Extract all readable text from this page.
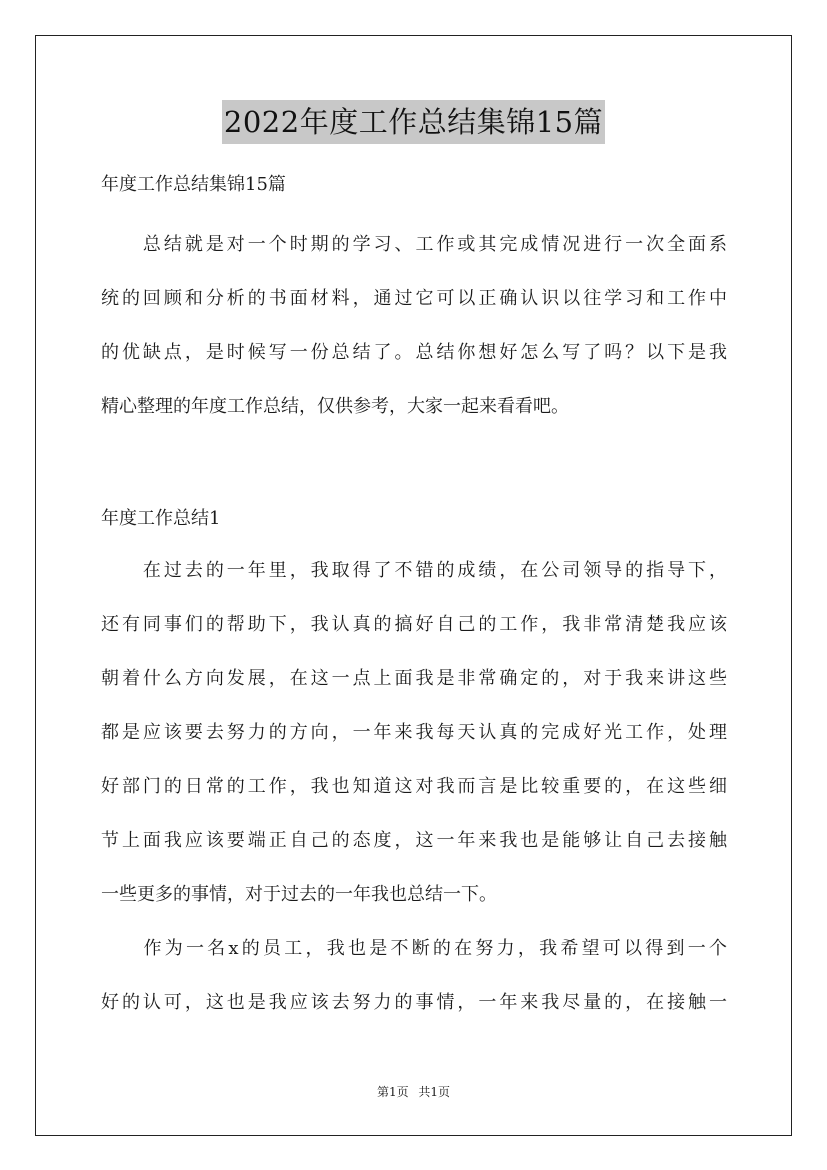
2022年度工作总结集锦15篇
年度工作总结集锦15篇
　　总结就是对一个时期的学习、工作或其完成情况进行一次全面系
统的回顾和分析的书面材料，通过它可以正确认识以往学习和工作中
的优缺点，是时候写一份总结了。总结你想好怎么写了吗？以下是我
精心整理的年度工作总结，仅供参考，大家一起来看看吧。
年度工作总结1
　　在过去的一年里，我取得了不错的成绩，在公司领导的指导下，
还有同事们的帮助下，我认真的搞好自己的工作，我非常清楚我应该
朝着什么方向发展，在这一点上面我是非常确定的，对于我来讲这些
都是应该要去努力的方向，一年来我每天认真的完成好光工作，处理
好部门的日常的工作，我也知道这对我而言是比较重要的，在这些细
节上面我应该要端正自己的态度，这一年来我也是能够让自己去接触
一些更多的事情，对于过去的一年我也总结一下。
　　作为一名x的员工，我也是不断的在努力，我希望可以得到一个
好的认可，这也是我应该去努力的事情，一年来我尽量的，在接触一
第1页 共1页
